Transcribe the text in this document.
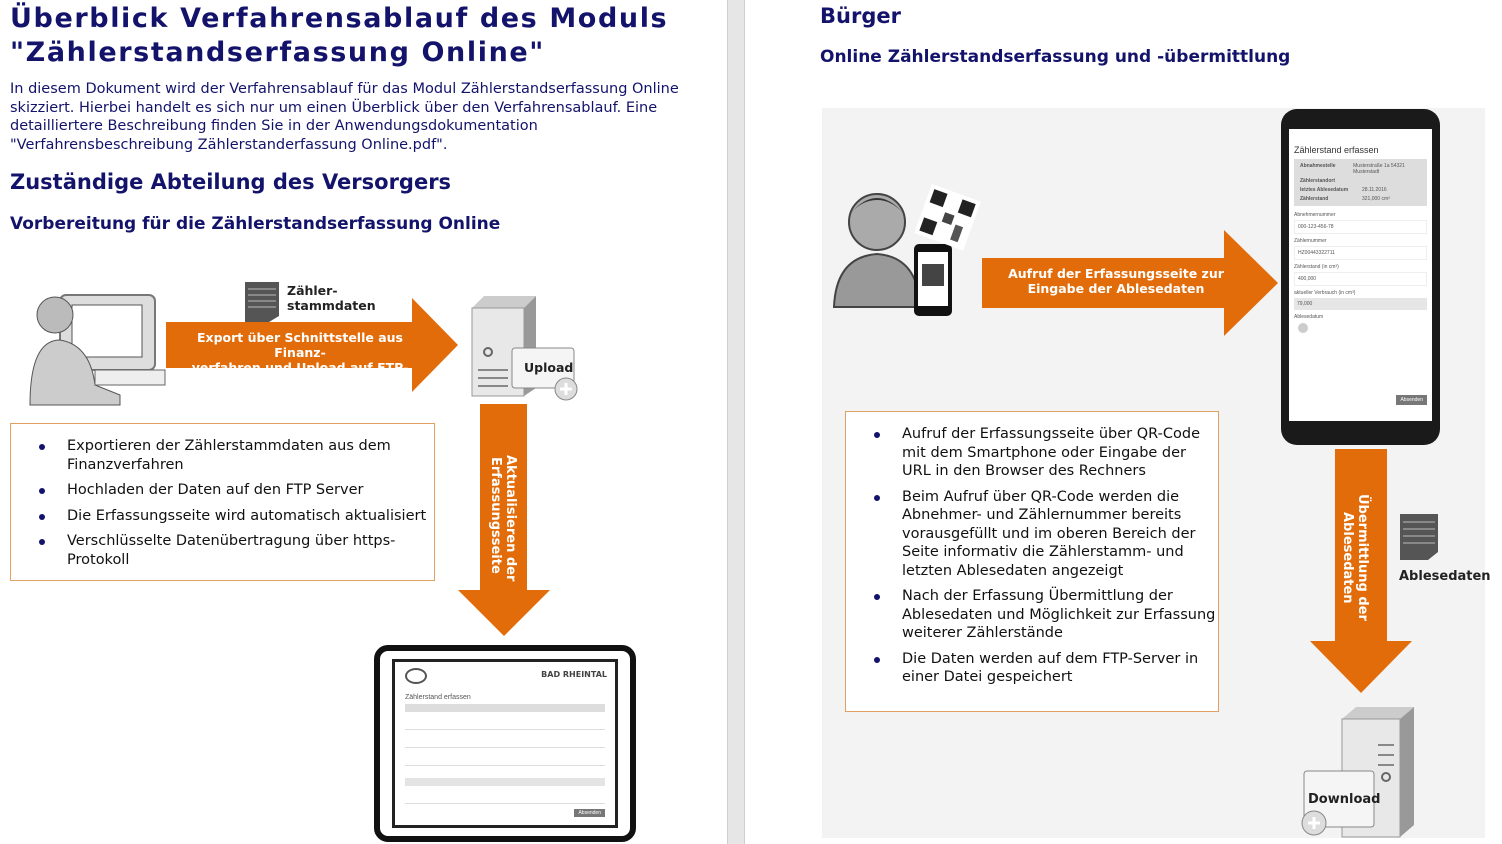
Überblick Verfahrensablauf des Moduls
"Zählerstandserfassung Online"
In diesem Dokument wird der Verfahrensablauf für das Modul Zählerstandserfassung Online skizziert. Hierbei handelt es sich nur um einen Überblick über den Verfahrensablauf. Eine detailliertere Beschreibung finden Sie in der Anwendungsdokumentation "Verfahrensbeschreibung Zählerstanderfassung Online.pdf".
Zuständige Abteilung des Versorgers
Vorbereitung für die Zählerstandserfassung Online
Zähler-
stammdaten
Export über Schnittstelle aus Finanz-
verfahren und Upload auf FTP-Server
Upload
Aktualisieren der
Erfassungsseite
Exportieren der Zählerstammdaten aus dem Finanzverfahren
Hochladen der Daten auf den FTP Server
Die Erfassungsseite wird automatisch aktualisiert
Verschlüsselte Datenübertragung über https-Protokoll
BAD RHEINTAL
Zählerstand erfassen
Absenden
Bürger
Online Zählerstandserfassung und -übermittlung
Aufruf der Erfassungsseite zur
Eingabe der Ablesedaten
Zählerstand erfassen
Abnahmestelle	Musterstraße 1a 54321 Musterstadt
Zählerstandort
letztes Ablesedatum	28.11.2016
Zählerstand	321,000 cm³
Abnehmernummer
000-123-456-78
Zählernummer
HZ00443322711
Zählerstand (in cm³)
400,000
aktueller Verbrauch (in cm³)
79,000
Ablesedatum
Absenden
Aufruf der Erfassungsseite über QR-Code mit dem Smartphone oder Eingabe der URL in den Browser des Rechners
Beim Aufruf über QR-Code werden die Abnehmer- und Zählernummer bereits vorausgefüllt und im oberen Bereich der Seite informativ die Zählerstamm- und letzten Ablesedaten angezeigt
Nach der Erfassung Übermittlung der Ablesedaten und Möglichkeit zur Erfassung weiterer Zählerstände
Die Daten werden auf dem FTP-Server in einer Datei gespeichert
Übermittlung der
Ablesedaten	Ablesedaten
Download
